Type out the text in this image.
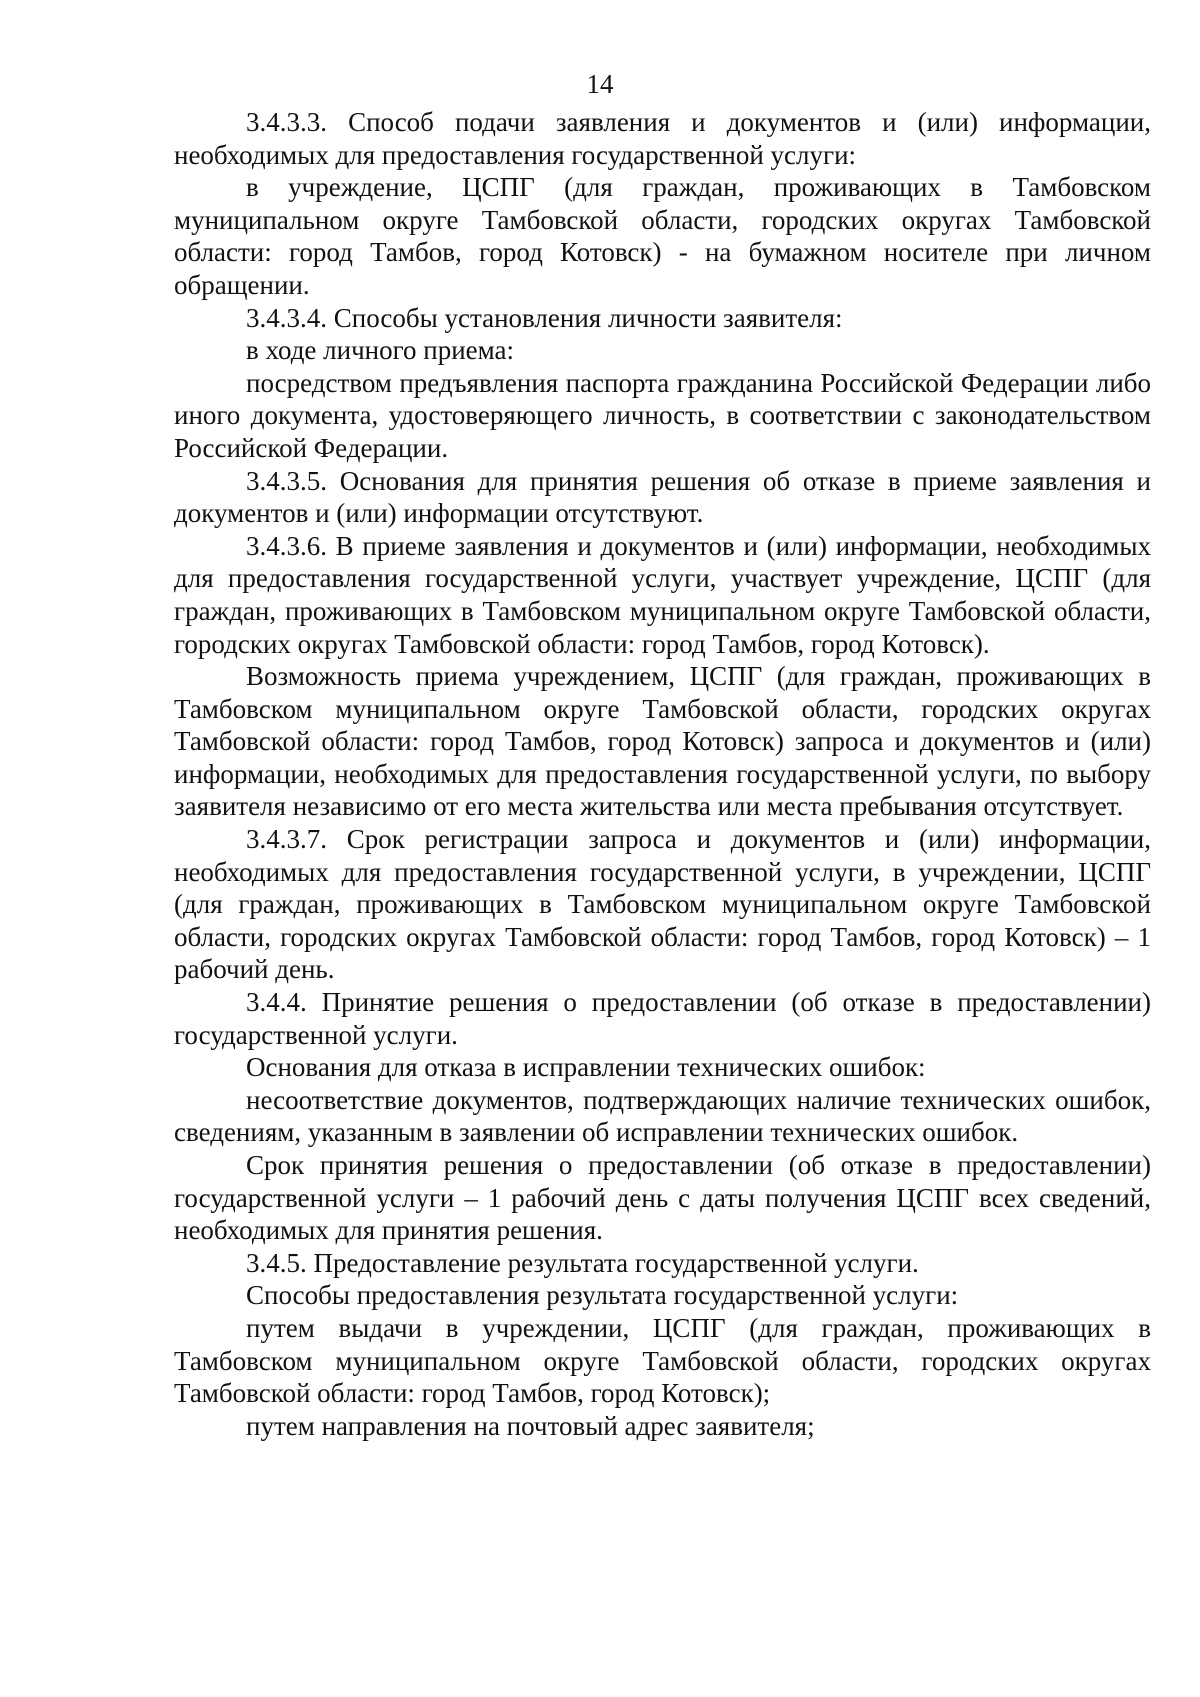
14

3.4.3.3. Способ подачи заявления и документов и (или) информации, необходимых для предоставления государственной услуги:

в учреждение, ЦСПГ (для граждан, проживающих в Тамбовском муниципальном округе Тамбовской области, городских округах Тамбовской области: город Тамбов, город Котовск) - на бумажном носителе при личном обращении.

3.4.3.4. Способы установления личности заявителя:

в ходе личного приема:

посредством предъявления паспорта гражданина Российской Федерации либо иного документа, удостоверяющего личность, в соответствии с законодательством Российской Федерации.

3.4.3.5. Основания для принятия решения об отказе в приеме заявления и документов и (или) информации отсутствуют.

3.4.3.6. В приеме заявления и документов и (или) информации, необходимых для предоставления государственной услуги, участвует учреждение, ЦСПГ (для граждан, проживающих в Тамбовском муниципальном округе Тамбовской области, городских округах Тамбовской области: город Тамбов, город Котовск).

Возможность приема учреждением, ЦСПГ (для граждан, проживающих в Тамбовском муниципальном округе Тамбовской области, городских округах Тамбовской области: город Тамбов, город Котовск) запроса и документов и (или) информации, необходимых для предоставления государственной услуги, по выбору заявителя независимо от его места жительства или места пребывания отсутствует.

3.4.3.7. Срок регистрации запроса и документов и (или) информации, необходимых для предоставления государственной услуги, в учреждении, ЦСПГ (для граждан, проживающих в Тамбовском муниципальном округе Тамбовской области, городских округах Тамбовской области: город Тамбов, город Котовск) – 1 рабочий день.

3.4.4. Принятие решения о предоставлении (об отказе в предоставлении) государственной услуги.

Основания для отказа в исправлении технических ошибок:

несоответствие документов, подтверждающих наличие технических ошибок, сведениям, указанным в заявлении об исправлении технических ошибок.

Срок принятия решения о предоставлении (об отказе в предоставлении) государственной услуги – 1 рабочий день с даты получения ЦСПГ всех сведений, необходимых для принятия решения.

3.4.5. Предоставление результата государственной услуги.

Способы предоставления результата государственной услуги:

путем выдачи в учреждении, ЦСПГ (для граждан, проживающих в Тамбовском муниципальном округе Тамбовской области, городских округах Тамбовской области: город Тамбов, город Котовск);

путем направления на почтовый адрес заявителя;
